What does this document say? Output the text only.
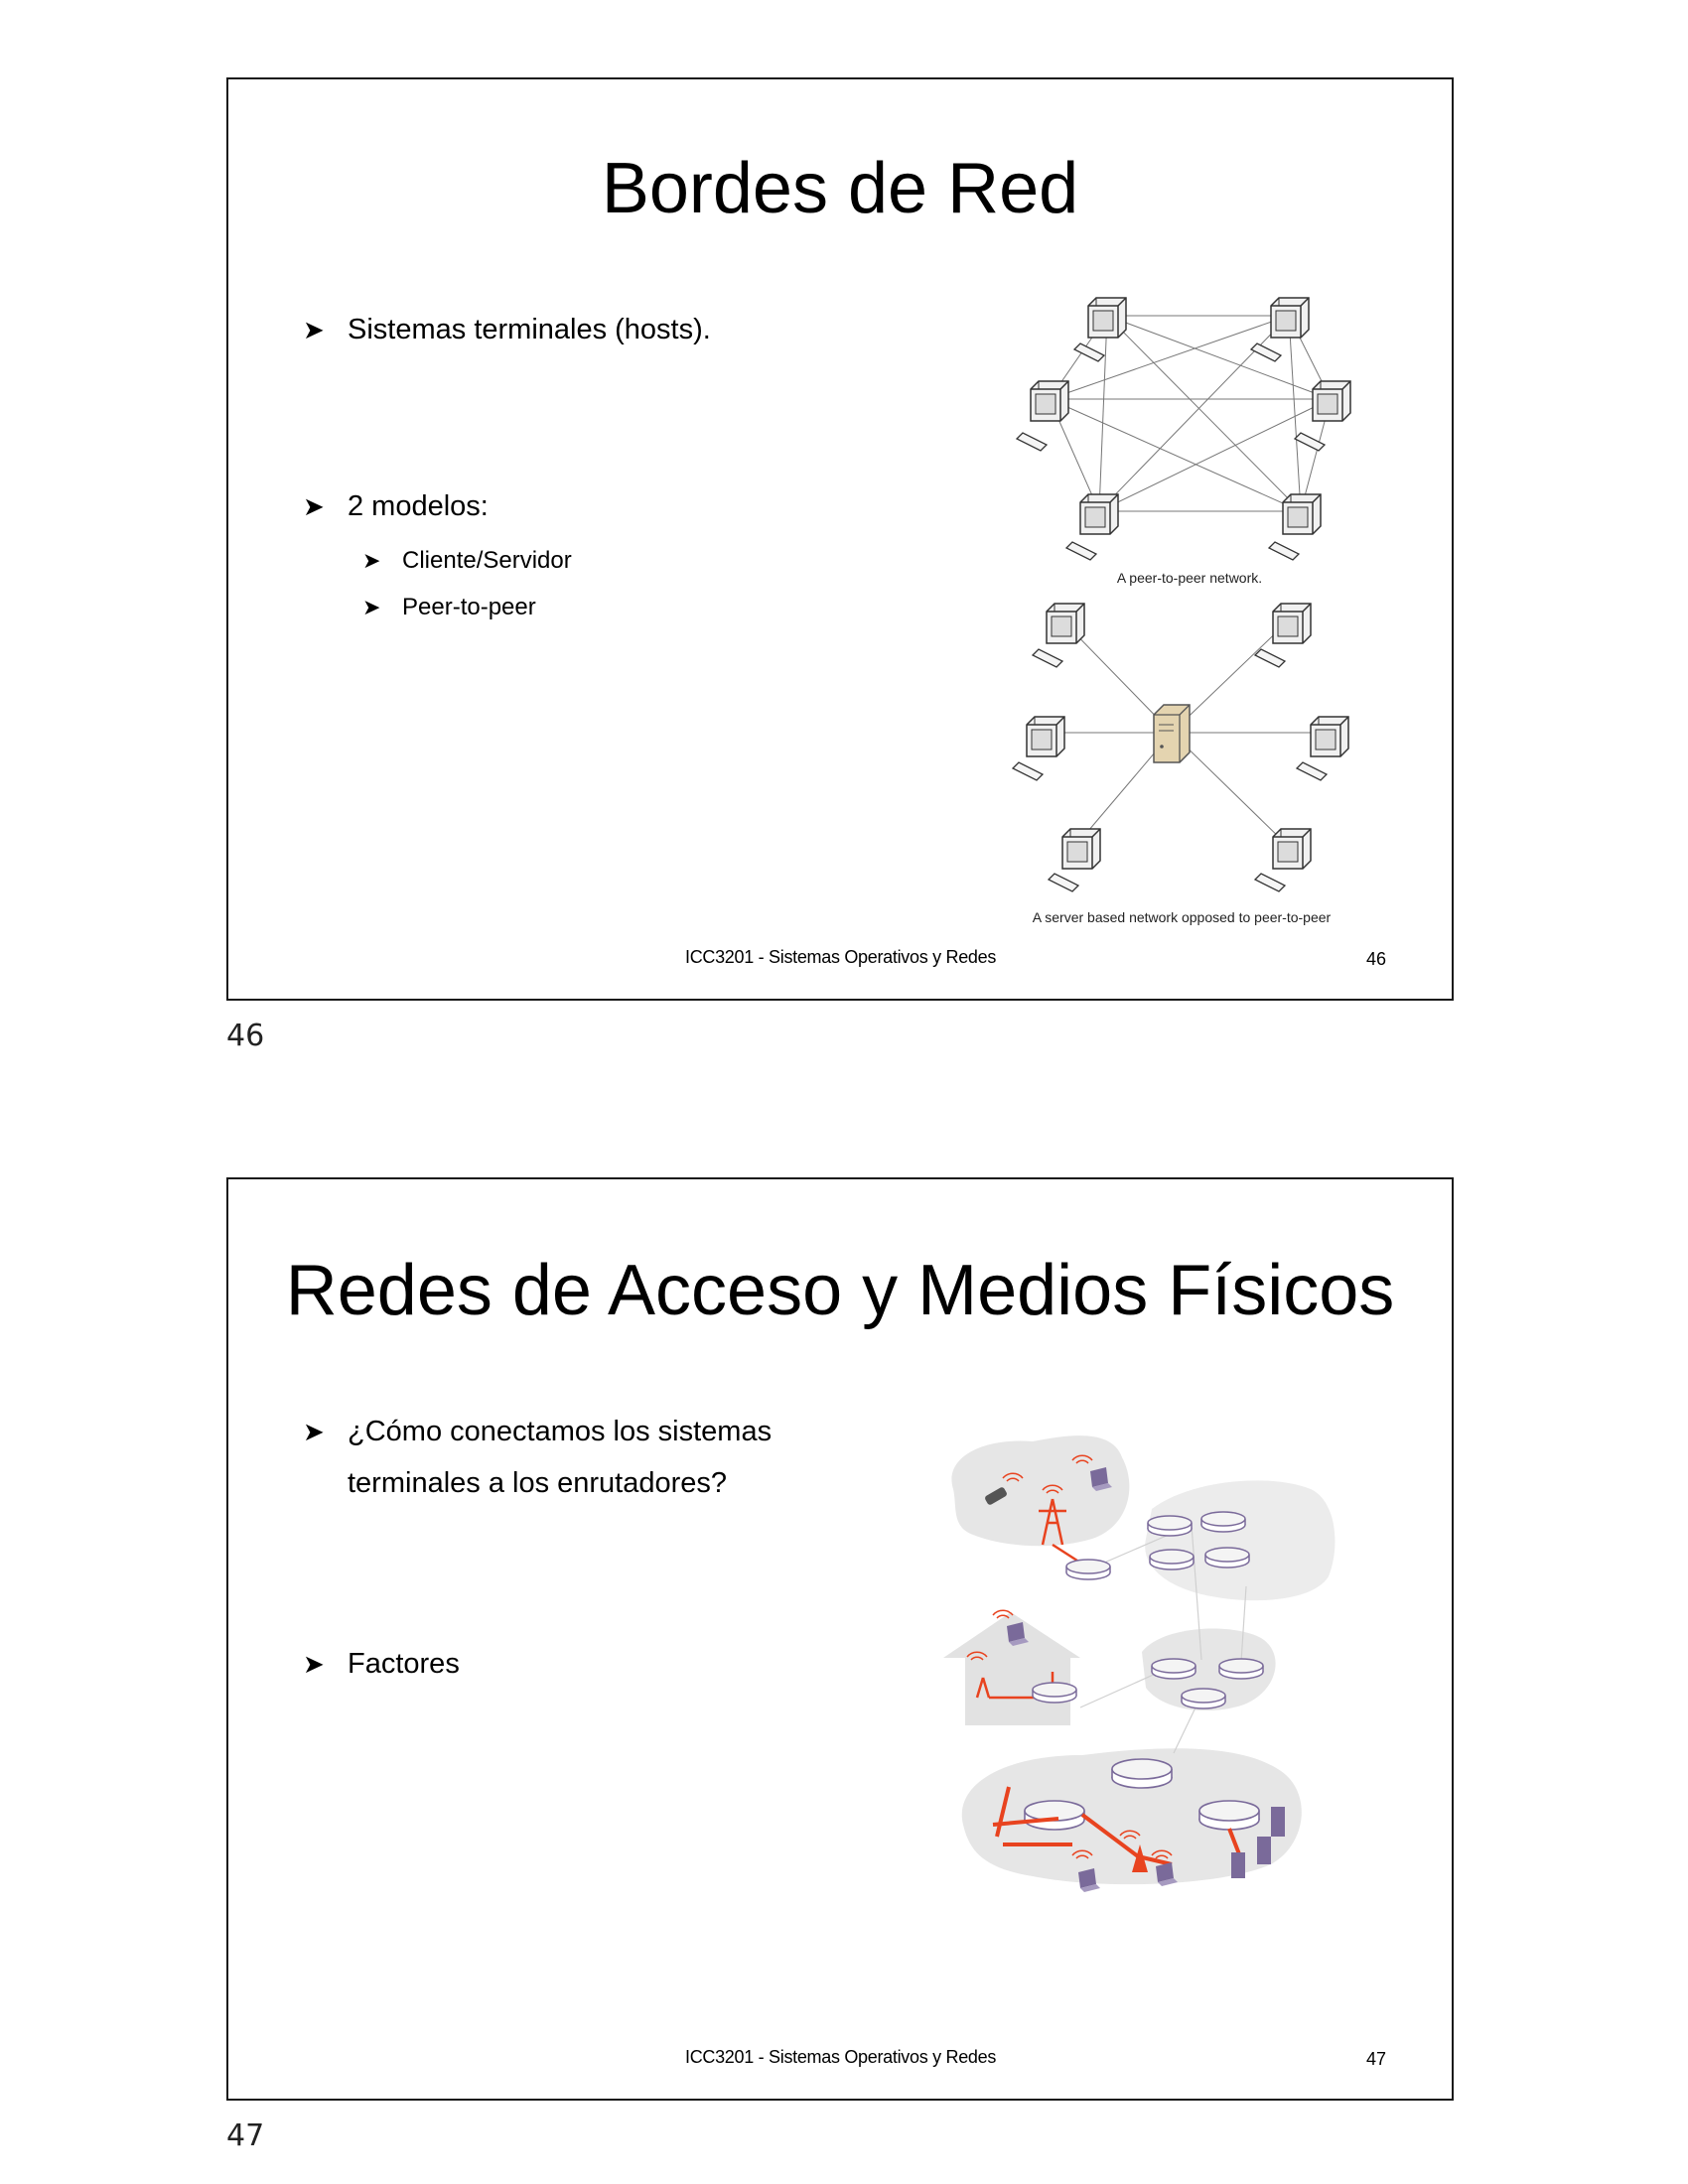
Bordes de Red
➤ Sistemas terminales (hosts).
➤ 2 modelos:
➤ Cliente/Servidor
➤ Peer-to-peer
A peer-to-peer network.
A server based network opposed to peer-to-peer
ICC3201 - Sistemas Operativos y Redes	46
46
Redes de Acceso y Medios Físicos
➤ ¿Cómo conectamos los sistemas
terminales a los enrutadores?
➤ Factores
ICC3201 - Sistemas Operativos y Redes	47
47
